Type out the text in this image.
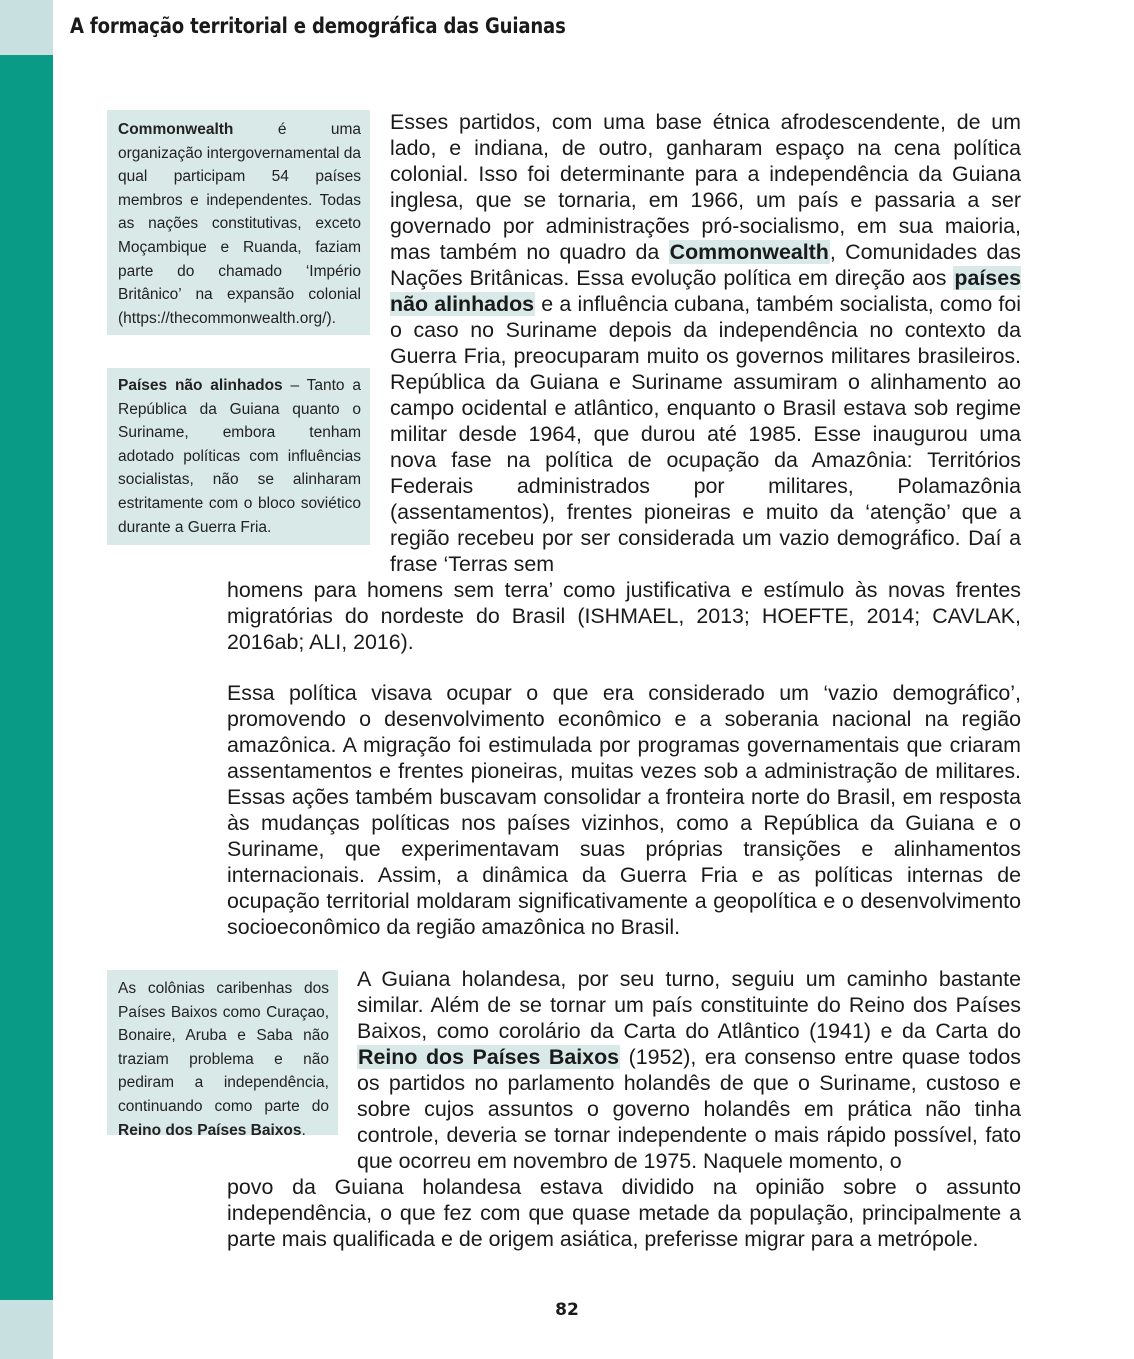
A formação territorial e demográfica das Guianas
Commonwealth é uma organização intergovernamental da qual participam 54 países membros e independentes. Todas as nações constitutivas, exceto Moçambique e Ruanda, faziam parte do chamado ‘Império Britânico’ na expansão colonial (https://thecommonwealth.org/).
Países não alinhados – Tanto a República da Guiana quanto o Suriname, embora tenham adotado políticas com influências socialistas, não se alinharam estritamente com o bloco soviético durante a Guerra Fria.
As colônias caribenhas dos Países Baixos como Curaçao, Bonaire, Aruba e Saba não traziam problema e não pediram a independência, continuando como parte do Reino dos Países Baixos.

Esses partidos, com uma base étnica afrodescendente, de um lado, e indiana, de outro, ganharam espaço na cena política colonial. Isso foi determinante para a independência da Guiana inglesa, que se tornaria, em 1966, um país e passaria a ser governado por administrações pró-socialismo, em sua maioria, mas também no quadro da Commonwealth, Comunidades das Nações Britânicas. Essa evolução política em direção aos países não alinhados e a influência cubana, também socialista, como foi o caso no Suriname depois da independência no contexto da Guerra Fria, preocuparam muito os governos militares brasileiros. República da Guiana e Suriname assumiram o alinhamento ao campo ocidental e atlântico, enquanto o Brasil estava sob regime militar desde 1964, que durou até 1985. Esse inaugurou uma nova fase na política de ocupação da Amazônia: Territórios Federais administrados por militares, Polamazônia (assentamentos), frentes pioneiras e muito da ‘atenção’ que a região recebeu por ser considerada um vazio demográfico. Daí a frase ‘Terras sem

homens para homens sem terra’ como justificativa e estímulo às novas frentes migratórias do nordeste do Brasil (ISHMAEL, 2013; HOEFTE, 2014; CAVLAK, 2016ab; ALI, 2016).

Essa política visava ocupar o que era considerado um ‘vazio demográfico’, promovendo o desenvolvimento econômico e a soberania nacional na região amazônica. A migração foi estimulada por programas governamentais que criaram assentamentos e frentes pioneiras, muitas vezes sob a administração de militares. Essas ações também buscavam consolidar a fronteira norte do Brasil, em resposta às mudanças políticas nos países vizinhos, como a República da Guiana e o Suriname, que experimentavam suas próprias transições e alinhamentos internacionais. Assim, a dinâmica da Guerra Fria e as políticas internas de ocupação territorial moldaram significativamente a geopolítica e o desenvolvimento socioeconômico da região amazônica no Brasil.

A Guiana holandesa, por seu turno, seguiu um caminho bastante similar. Além de se tornar um país constituinte do Reino dos Países Baixos, como corolário da Carta do Atlântico (1941) e da Carta do Reino dos Países Baixos (1952), era consenso entre quase todos os partidos no parlamento holandês de que o Suriname, custoso e sobre cujos assuntos o governo holandês em prática não tinha controle, deveria se tornar independente o mais rápido possível, fato que ocorreu em novembro de 1975. Naquele momento, o

povo da Guiana holandesa estava dividido na opinião sobre o assunto independência, o que fez com que quase metade da população, principalmente a parte mais qualificada e de origem asiática, preferisse migrar para a metrópole.

82
